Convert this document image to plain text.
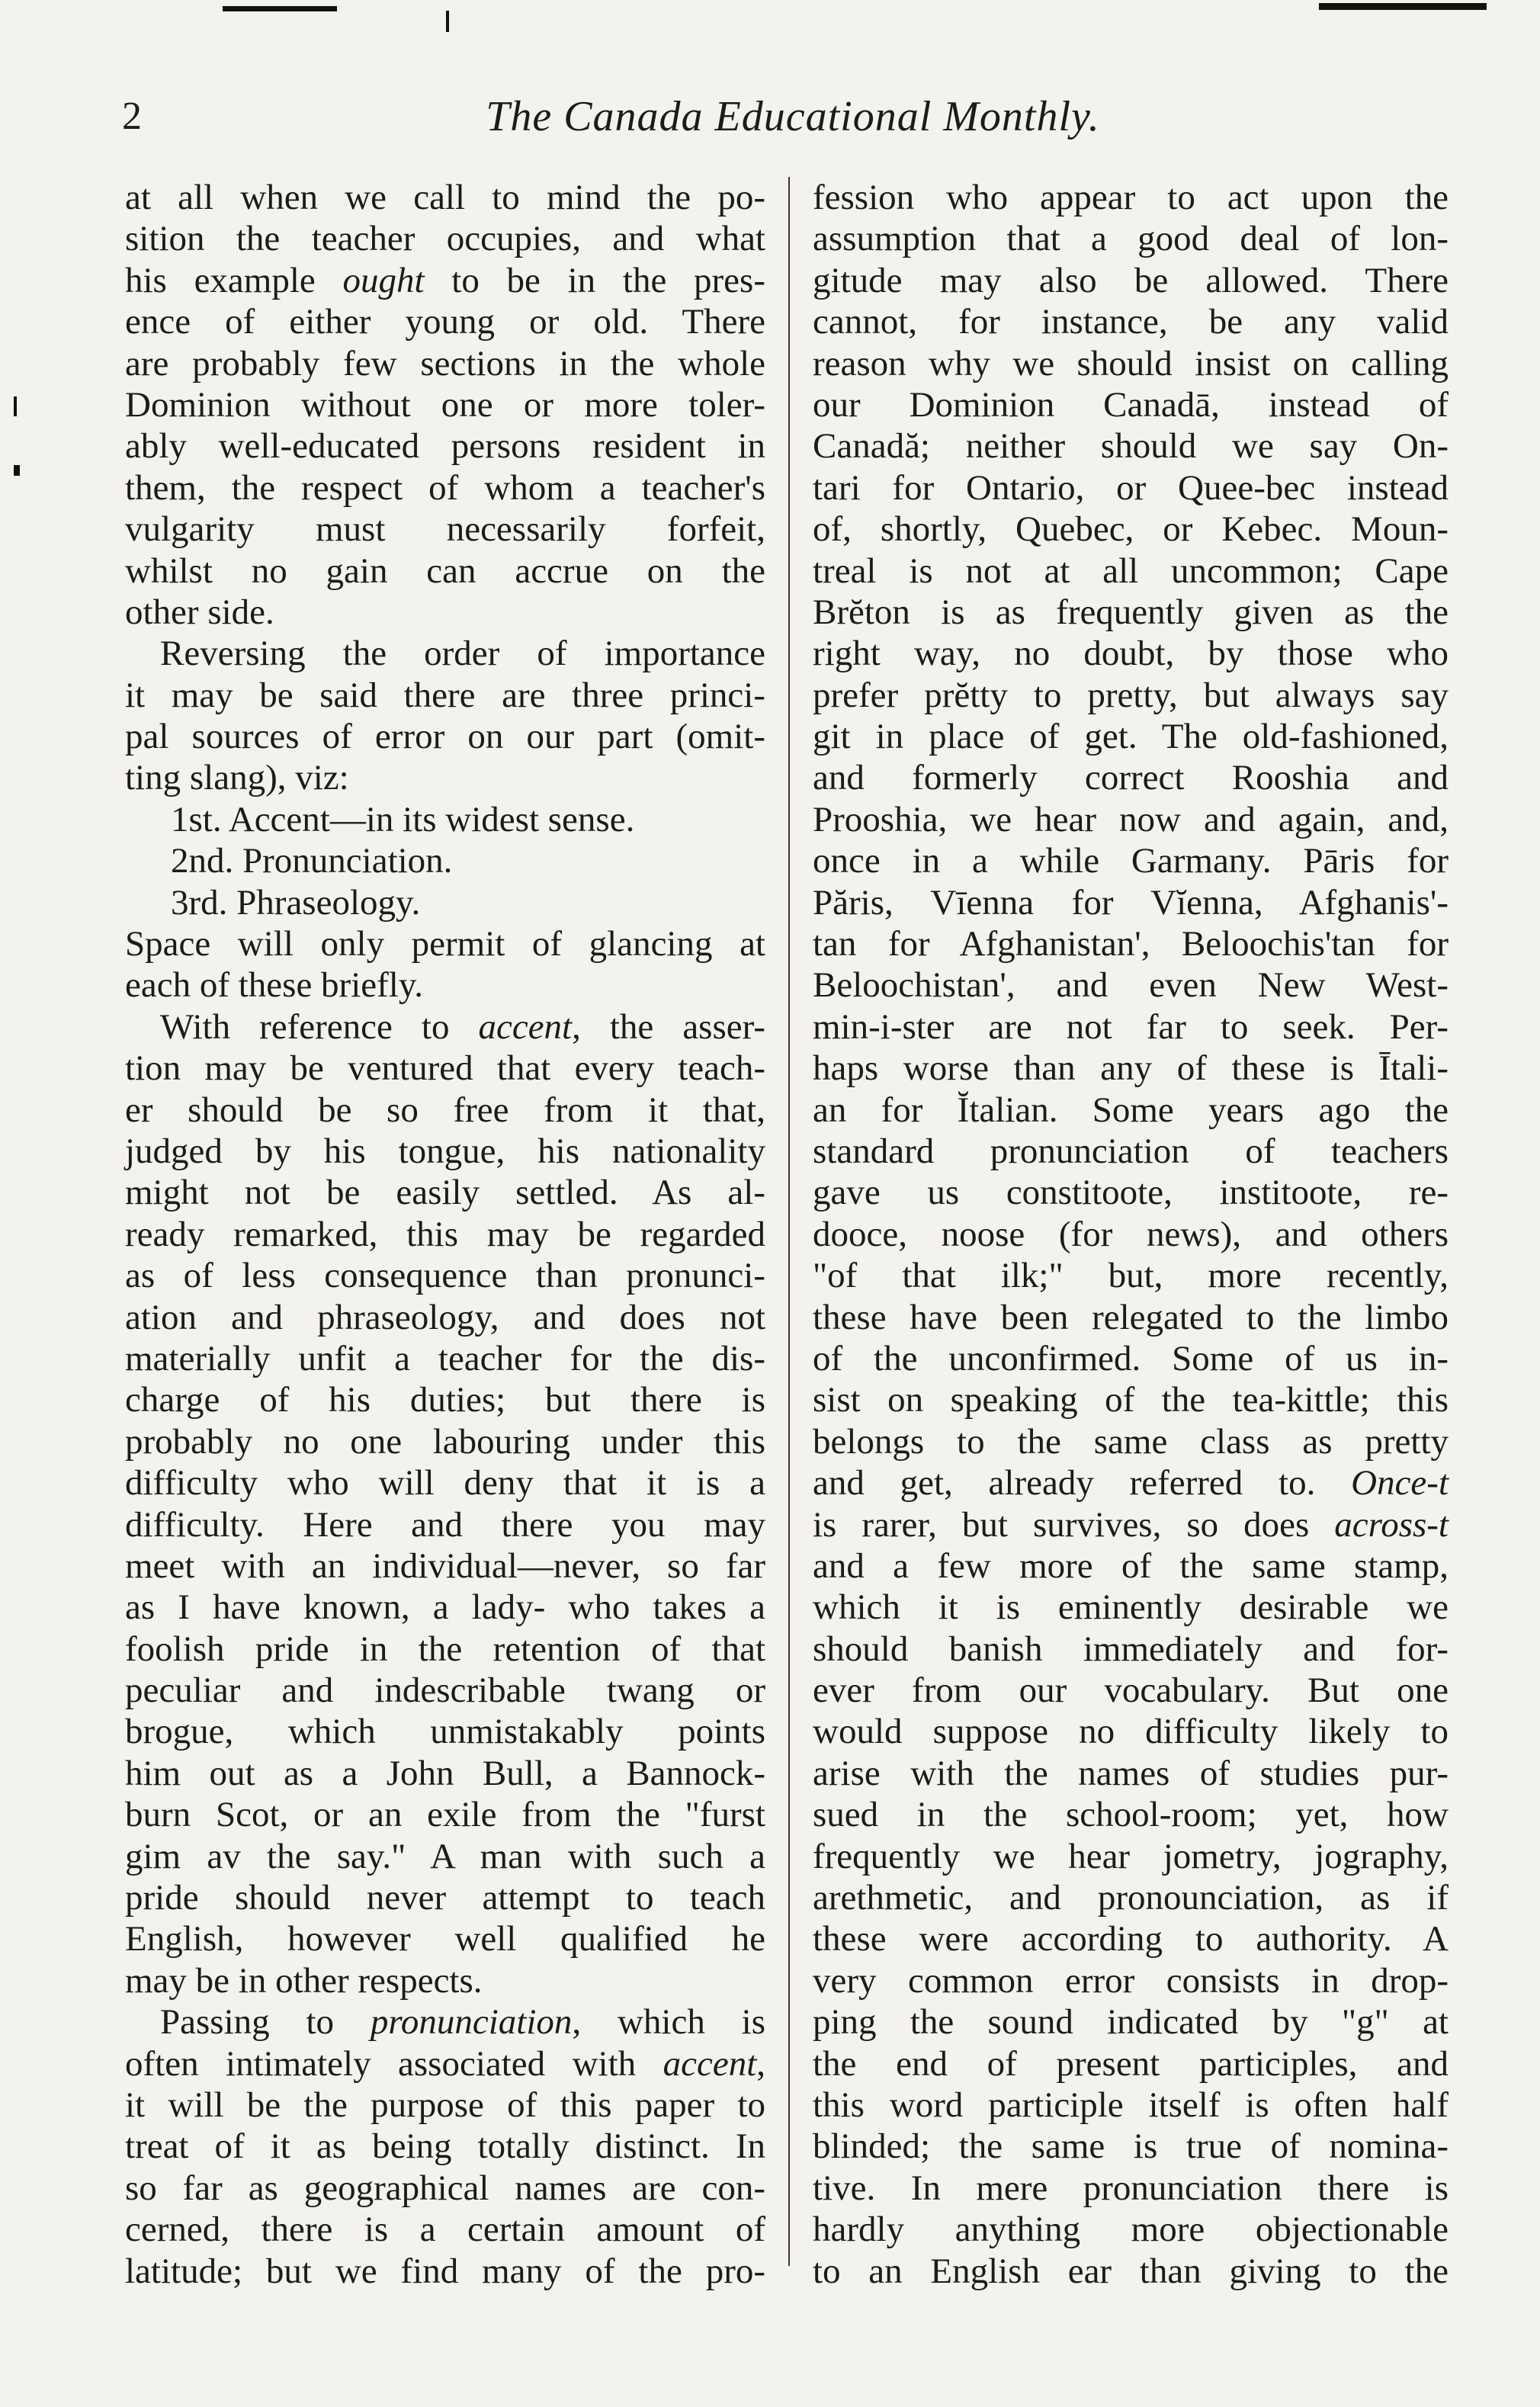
2	The Canada Educational Monthly.
at all when we call to mind the po-
sition the teacher occupies, and what
his example ought to be in the pres-
ence of either young or old. There
are probably few sections in the whole
Dominion without one or more toler-
ably well-educated persons resident in
them, the respect of whom a teacher's
vulgarity must necessarily forfeit,
whilst no gain can accrue on the
other side.
Reversing the order of importance
it may be said there are three princi-
pal sources of error on our part (omit-
ting slang), viz:
1st. Accent—in its widest sense.
2nd. Pronunciation.
3rd. Phraseology.
Space will only permit of glancing at
each of these briefly.
With reference to accent, the asser-
tion may be ventured that every teach-
er should be so free from it that,
judged by his tongue, his nationality
might not be easily settled. As al-
ready remarked, this may be regarded
as of less consequence than pronunci-
ation and phraseology, and does not
materially unfit a teacher for the dis-
charge of his duties; but there is
probably no one labouring under this
difficulty who will deny that it is a
difficulty. Here and there you may
meet with an individual—never, so far
as I have known, a lady- who takes a
foolish pride in the retention of that
peculiar and indescribable twang or
brogue, which unmistakably points
him out as a John Bull, a Bannock-
burn Scot, or an exile from the "furst
gim av the say." A man with such a
pride should never attempt to teach
English, however well qualified he
may be in other respects.
Passing to pronunciation, which is
often intimately associated with accent,
it will be the purpose of this paper to
treat of it as being totally distinct. In
so far as geographical names are con-
cerned, there is a certain amount of
latitude; but we find many of the pro-
fession who appear to act upon the
assumption that a good deal of lon-
gitude may also be allowed. There
cannot, for instance, be any valid
reason why we should insist on calling
our Dominion Canadā, instead of
Canadă; neither should we say On-
tari for Ontario, or Quee-bec instead
of, shortly, Quebec, or Kebec. Moun-
treal is not at all uncommon; Cape
Brĕton is as frequently given as the
right way, no doubt, by those who
prefer prĕtty to pretty, but always say
git in place of get. The old-fashioned,
and formerly correct Rooshia and
Prooshia, we hear now and again, and,
once in a while Garmany. Pāris for
Păris, Vīenna for Vĭenna, Afghanis'-
tan for Afghanistan', Beloochis'tan for
Beloochistan', and even New West-
min-i-ster are not far to seek. Per-
haps worse than any of these is Ītali-
an for Ĭtalian. Some years ago the
standard pronunciation of teachers
gave us constitoote, institoote, re-
dooce, noose (for news), and others
"of that ilk;" but, more recently,
these have been relegated to the limbo
of the unconfirmed. Some of us in-
sist on speaking of the tea-kittle; this
belongs to the same class as pretty
and get, already referred to. Once-t
is rarer, but survives, so does across-t
and a few more of the same stamp,
which it is eminently desirable we
should banish immediately and for-
ever from our vocabulary. But one
would suppose no difficulty likely to
arise with the names of studies pur-
sued in the school-room; yet, how
frequently we hear jometry, jography,
arethmetic, and pronounciation, as if
these were according to authority. A
very common error consists in drop-
ping the sound indicated by "g" at
the end of present participles, and
this word participle itself is often half
blinded; the same is true of nomina-
tive. In mere pronunciation there is
hardly anything more objectionable
to an English ear than giving to the
